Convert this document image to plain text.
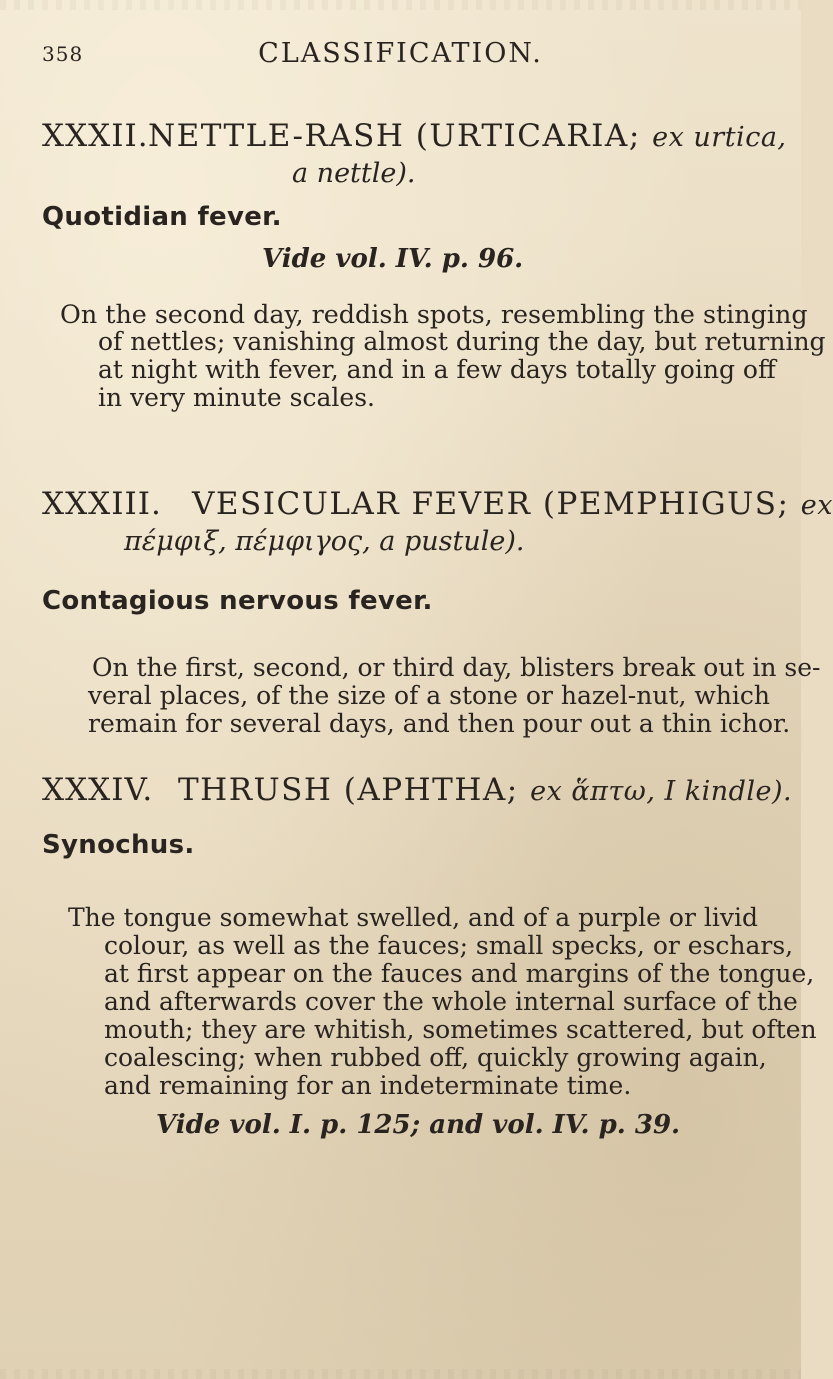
358	CLASSIFICATION.
XXXII. NETTLE-RASH (URTICARIA; ex urtica,
a nettle).
Quotidian fever.
Vide vol. IV. p. 96.
On the second day, reddish spots, resembling the stinging
of nettles; vanishing almost during the day, but returning
at night with fever, and in a few days totally going off
in very minute scales.
XXXIII. VESICULAR FEVER (PEMPHIGUS; ex
πέμφιξ, πέμφιγος, a pustule).
Contagious nervous fever.
On the first, second, or third day, blisters break out in se-
veral places, of the size of a stone or hazel-nut, which
remain for several days, and then pour out a thin ichor.
XXXIV. THRUSH (APHTHA; ex ἅπτω, I kindle).
Synochus.
The tongue somewhat swelled, and of a purple or livid
colour, as well as the fauces; small specks, or eschars,
at first appear on the fauces and margins of the tongue,
and afterwards cover the whole internal surface of the
mouth; they are whitish, sometimes scattered, but often
coalescing; when rubbed off, quickly growing again,
and remaining for an indeterminate time.
Vide vol. I. p. 125; and vol. IV. p. 39.
